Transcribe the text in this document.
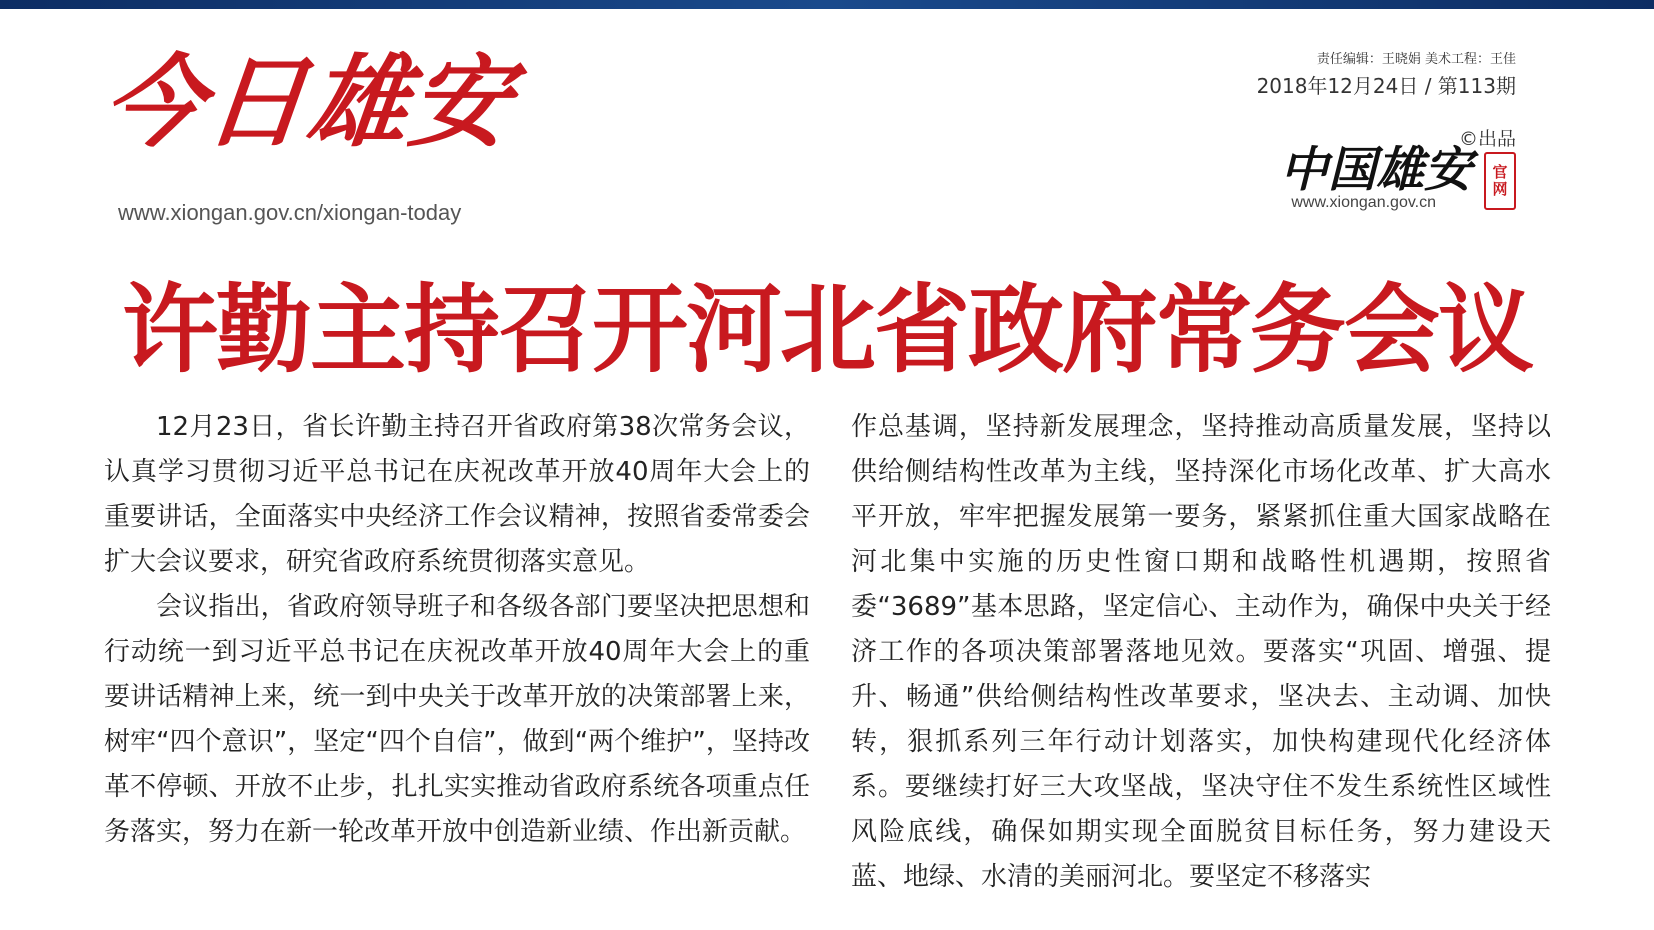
今日雄安
www.xiongan.gov.cn/xiongan-today
责任编辑：王晓娟 美术工程：王佳
2018年12月24日 / 第113期
©出品
中国雄安 官
网
www.xiongan.gov.cn
许勤主持召开河北省政府常务会议

12月23日，省长许勤主持召开省政府第38次常务会议，认真学习贯彻习近平总书记在庆祝改革开放40周年大会上的重要讲话，全面落实中央经济工作会议精神，按照省委常委会扩大会议要求，研究省政府系统贯彻落实意见。

会议指出，省政府领导班子和各级各部门要坚决把思想和行动统一到习近平总书记在庆祝改革开放40周年大会上的重要讲话精神上来，统一到中央关于改革开放的决策部署上来，树牢“四个意识”，坚定“四个自信”，做到“两个维护”，坚持改革不停顿、开放不止步，扎扎实实推动省政府系统各项重点任务落实，努力在新一轮改革开放中创造新业绩、作出新贡献。

作总基调，坚持新发展理念，坚持推动高质量发展，坚持以供给侧结构性改革为主线，坚持深化市场化改革、扩大高水平开放，牢牢把握发展第一要务，紧紧抓住重大国家战略在河北集中实施的历史性窗口期和战略性机遇期，按照省委“3689”基本思路，坚定信心、主动作为，确保中央关于经济工作的各项决策部署落地见效。要落实“巩固、增强、提升、畅通”供给侧结构性改革要求，坚决去、主动调、加快转，狠抓系列三年行动计划落实，加快构建现代化经济体系。要继续打好三大攻坚战，坚决守住不发生系统性区域性风险底线，确保如期实现全面脱贫目标任务，努力建设天蓝、地绿、水清的美丽河北。要坚定不移落实
